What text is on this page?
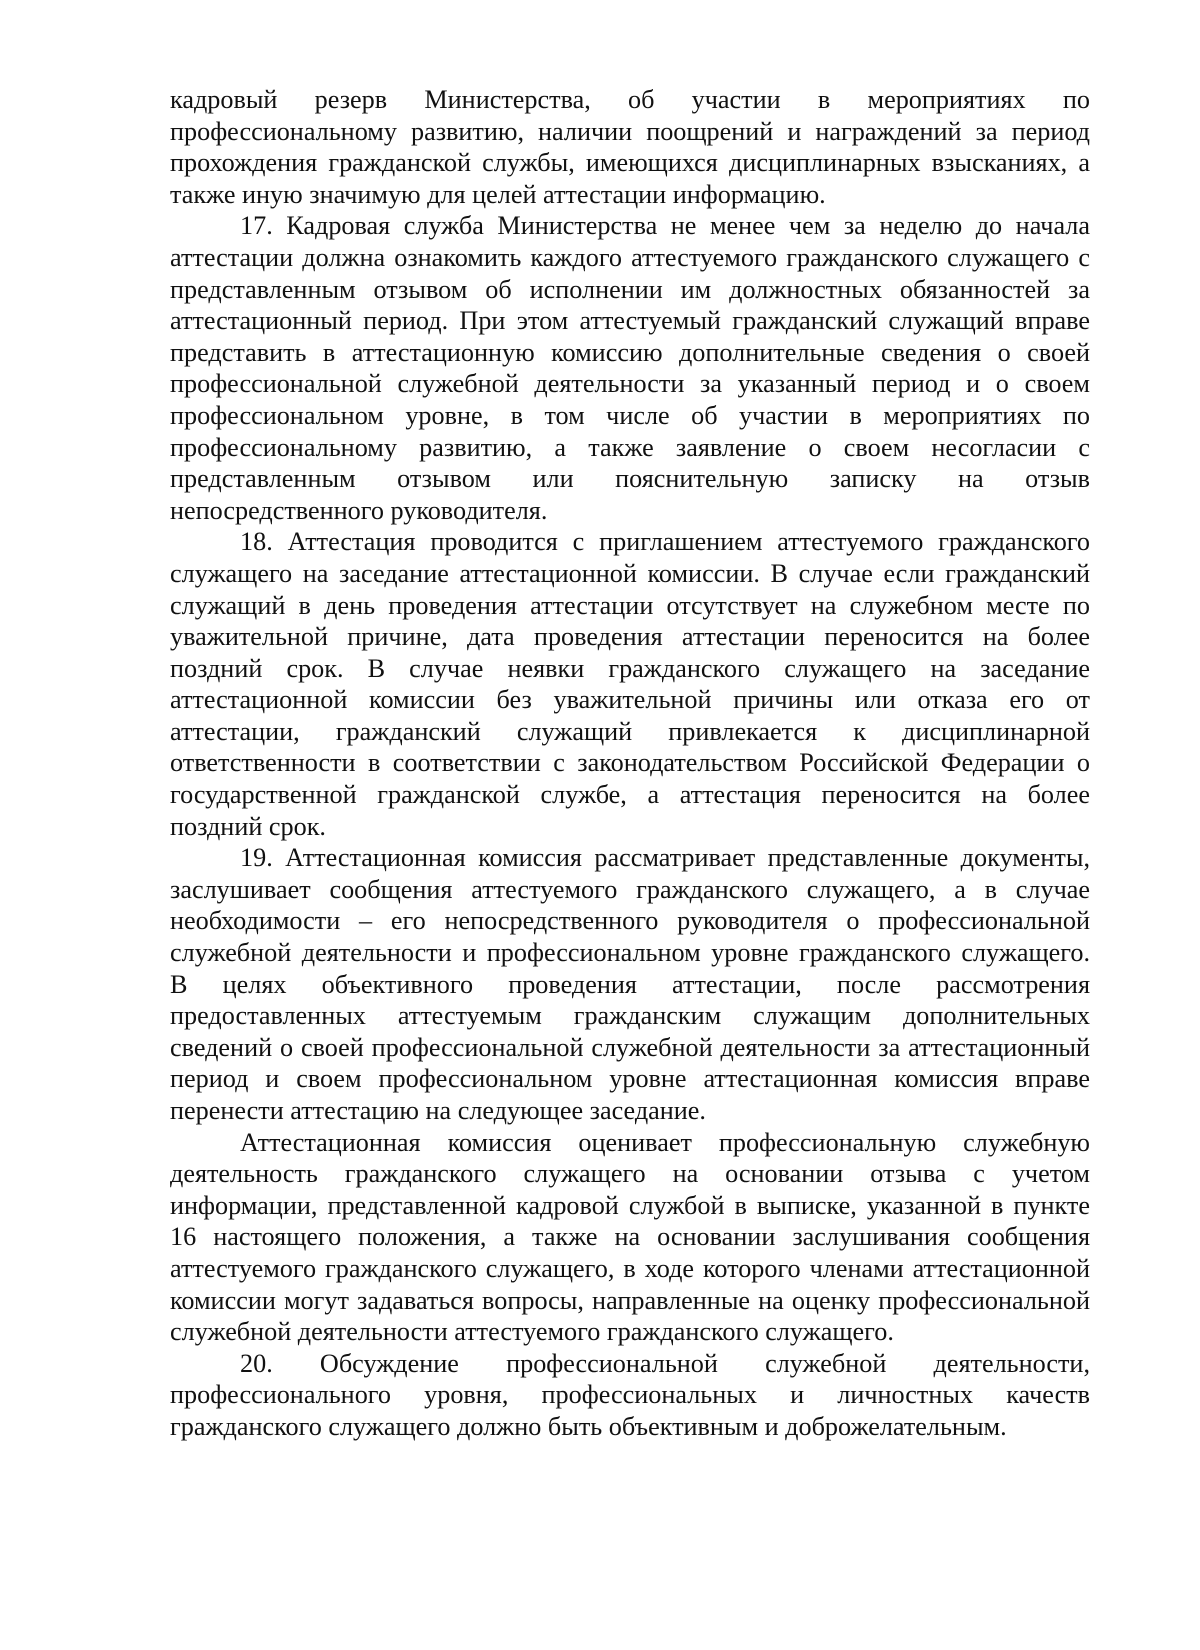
кадровый резерв Министерства, об участии в мероприятиях по профессиональному развитию, наличии поощрений и награждений за период прохождения гражданской службы, имеющихся дисциплинарных взысканиях, а также иную значимую для целей аттестации информацию.

17. Кадровая служба Министерства не менее чем за неделю до начала аттестации должна ознакомить каждого аттестуемого гражданского служащего с представленным отзывом об исполнении им должностных обязанностей за аттестационный период. При этом аттестуемый гражданский служащий вправе представить в аттестационную комиссию дополнительные сведения о своей профессиональной служебной деятельности за указанный период и о своем профессиональном уровне, в том числе об участии в мероприятиях по профессиональному развитию, а также заявление о своем несогласии с представленным отзывом или пояснительную записку на отзыв непосредственного руководителя.

18. Аттестация проводится с приглашением аттестуемого гражданского служащего на заседание аттестационной комиссии. В случае если гражданский служащий в день проведения аттестации отсутствует на служебном месте по уважительной причине, дата проведения аттестации переносится на более поздний срок. В случае неявки гражданского служащего на заседание аттестационной комиссии без уважительной причины или отказа его от аттестации, гражданский служащий привлекается к дисциплинарной ответственности в соответствии с законодательством Российской Федерации о государственной гражданской службе, а аттестация переносится на более поздний срок.

19. Аттестационная комиссия рассматривает представленные документы, заслушивает сообщения аттестуемого гражданского служащего, а в случае необходимости – его непосредственного руководителя о профессиональной служебной деятельности и профессиональном уровне гражданского служащего. В целях объективного проведения аттестации, после рассмотрения предоставленных аттестуемым гражданским служащим дополнительных сведений о своей профессиональной служебной деятельности за аттестационный период и своем профессиональном уровне аттестационная комиссия вправе перенести аттестацию на следующее заседание.

Аттестационная комиссия оценивает профессиональную служебную деятельность гражданского служащего на основании отзыва с учетом информации, представленной кадровой службой в выписке, указанной в пункте 16 настоящего положения, а также на основании заслушивания сообщения аттестуемого гражданского служащего, в ходе которого членами аттестационной комиссии могут задаваться вопросы, направленные на оценку профессиональной служебной деятельности аттестуемого гражданского служащего.

20. Обсуждение профессиональной служебной деятельности, профессионального уровня, профессиональных и личностных качеств гражданского служащего должно быть объективным и доброжелательным.
